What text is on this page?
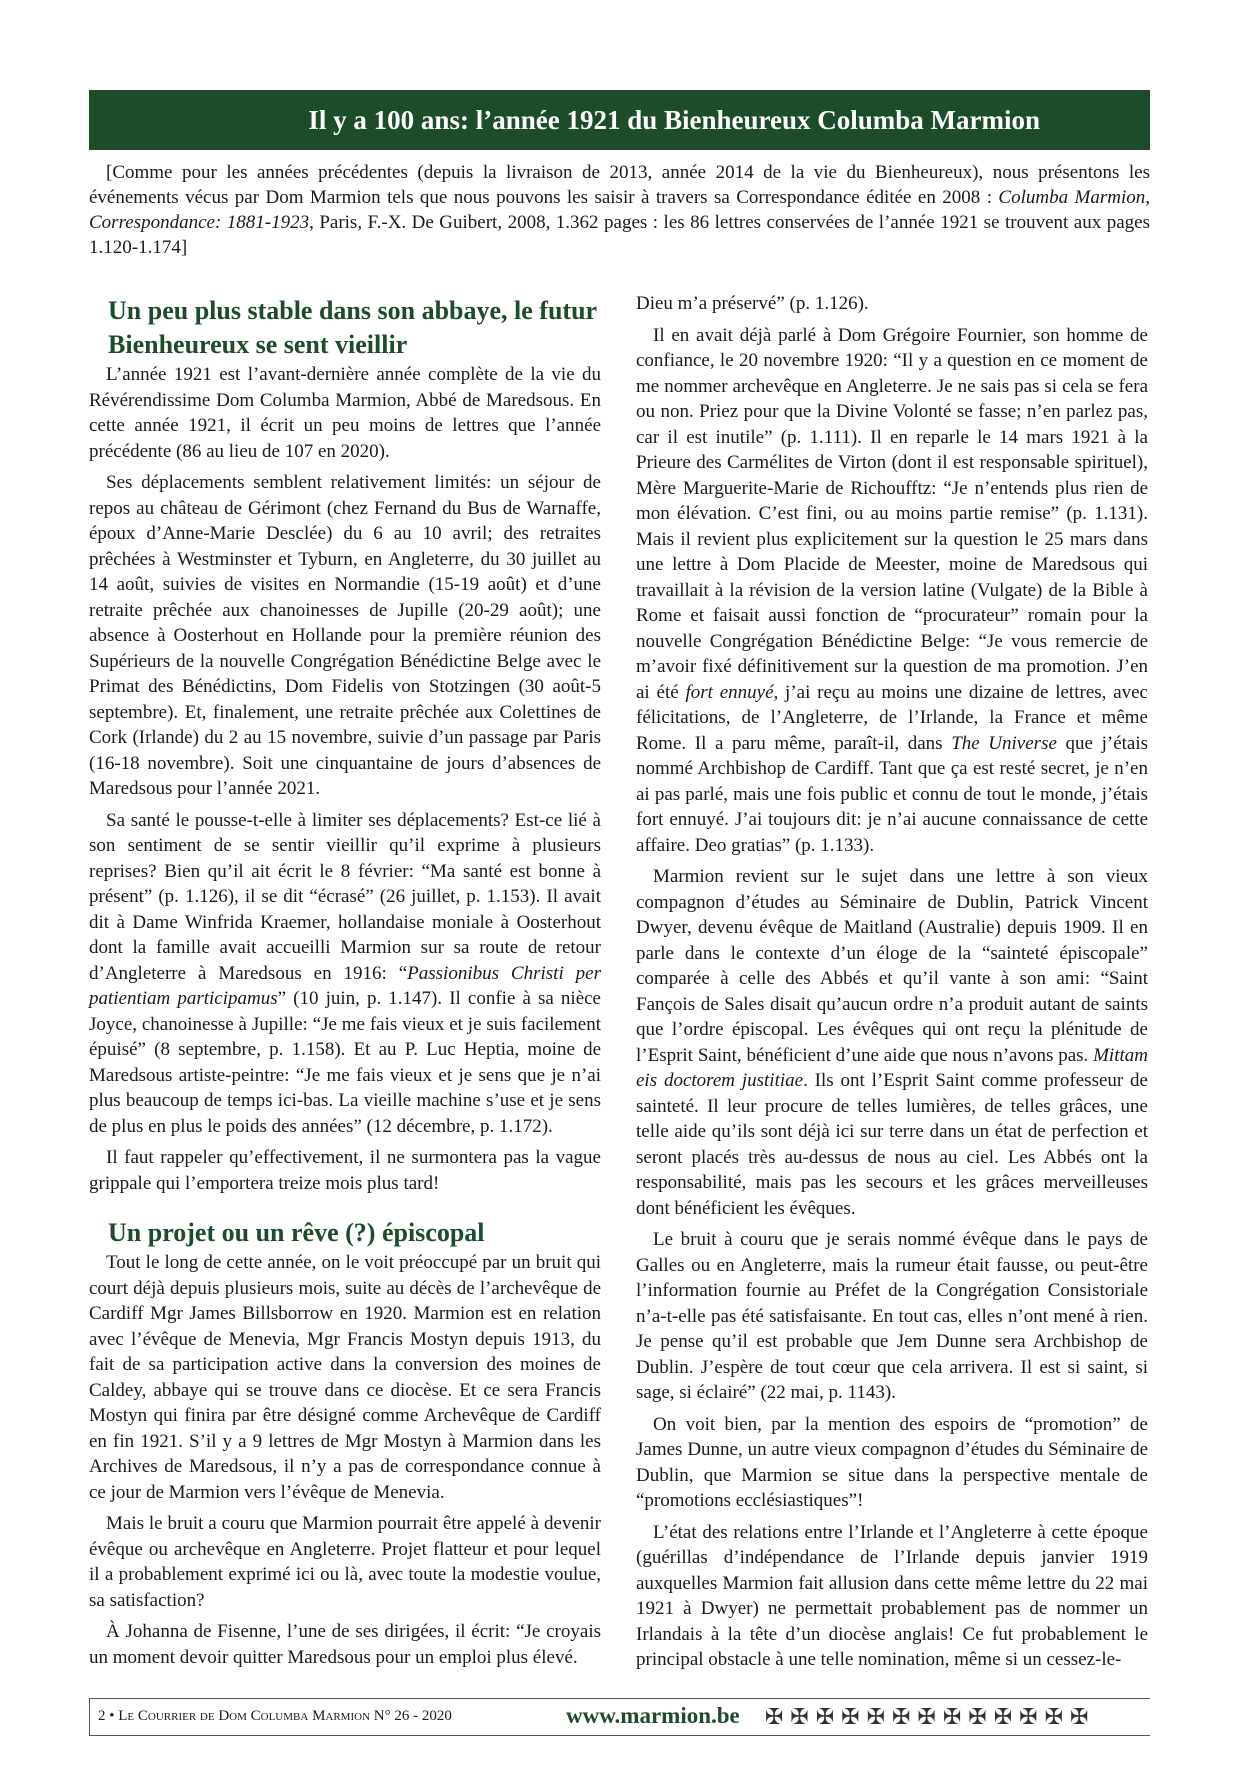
Il y a 100 ans: l’année 1921 du Bienheureux Columba Marmion

[Comme pour les années précédentes (depuis la livraison de 2013, année 2014 de la vie du Bienheureux), nous présentons les événements vécus par Dom Marmion tels que nous pouvons les saisir à travers sa Correspondance éditée en 2008 : Columba Marmion, Correspondance: 1881-1923, Paris, F.-X. De Guibert, 2008, 1.362 pages : les 86 lettres conservées de l’année 1921 se trouvent aux pages 1.120-1.174]

Un peu plus stable dans son abbaye, le futur Bienheureux se sent vieillir

L’année 1921 est l’avant-dernière année complète de la vie du Révérendissime Dom Columba Marmion, Abbé de Maredsous. En cette année 1921, il écrit un peu moins de lettres que l’année précédente (86 au lieu de 107 en 2020).

Ses déplacements semblent relativement limités: un séjour de repos au château de Gérimont (chez Fernand du Bus de Warnaffe, époux d’Anne-Marie Desclée) du 6 au 10 avril; des retraites prêchées à Westminster et Tyburn, en Angleterre, du 30 juillet au 14 août, suivies de visites en Normandie (15-19 août) et d’une retraite prêchée aux chanoinesses de Jupille (20-29 août); une absence à Oosterhout en Hollande pour la première réunion des Supérieurs de la nouvelle Congrégation Bénédictine Belge avec le Primat des Bénédictins, Dom Fidelis von Stotzingen (30 août-5 septembre). Et, finalement, une retraite prêchée aux Colettines de Cork (Irlande) du 2 au 15 novembre, suivie d’un passage par Paris (16-18 novembre). Soit une cinquantaine de jours d’absences de Maredsous pour l’année 2021.

Sa santé le pousse-t-elle à limiter ses déplacements? Est-ce lié à son sentiment de se sentir vieillir qu’il exprime à plusieurs reprises? Bien qu’il ait écrit le 8 février: “Ma santé est bonne à présent” (p. 1.126), il se dit “écrasé” (26 juillet, p. 1.153). Il avait dit à Dame Winfrida Kraemer, hollandaise moniale à Oosterhout dont la famille avait accueilli Marmion sur sa route de retour d’Angleterre à Maredsous en 1916: “Passionibus Christi per patientiam participamus” (10 juin, p. 1.147). Il confie à sa nièce Joyce, chanoinesse à Jupille: “Je me fais vieux et je suis facilement épuisé” (8 septembre, p. 1.158). Et au P. Luc Heptia, moine de Maredsous artiste-peintre: “Je me fais vieux et je sens que je n’ai plus beaucoup de temps ici-bas. La vieille machine s’use et je sens de plus en plus le poids des années” (12 décembre, p. 1.172).

Il faut rappeler qu’effectivement, il ne surmontera pas la vague grippale qui l’emportera treize mois plus tard!

Un projet ou un rêve (?) épiscopal

Tout le long de cette année, on le voit préoccupé par un bruit qui court déjà depuis plusieurs mois, suite au décès de l’archevêque de Cardiff Mgr James Billsborrow en 1920. Marmion est en relation avec l’évêque de Menevia, Mgr Francis Mostyn depuis 1913, du fait de sa participation active dans la conversion des moines de Caldey, abbaye qui se trouve dans ce diocèse. Et ce sera Francis Mostyn qui finira par être désigné comme Archevêque de Cardiff en fin 1921. S’il y a 9 lettres de Mgr Mostyn à Marmion dans les Archives de Maredsous, il n’y a pas de correspondance connue à ce jour de Marmion vers l’évêque de Menevia.

Mais le bruit a couru que Marmion pourrait être appelé à devenir évêque ou archevêque en Angleterre. Projet flatteur et pour lequel il a probablement exprimé ici ou là, avec toute la modestie voulue, sa satisfaction?

À Johanna de Fisenne, l’une de ses dirigées, il écrit: “Je croyais un moment devoir quitter Maredsous pour un emploi plus élevé.

Dieu m’a préservé” (p. 1.126).

Il en avait déjà parlé à Dom Grégoire Fournier, son homme de confiance, le 20 novembre 1920: “Il y a question en ce moment de me nommer archevêque en Angleterre. Je ne sais pas si cela se fera ou non. Priez pour que la Divine Volonté se fasse; n’en parlez pas, car il est inutile” (p. 1.111). Il en reparle le 14 mars 1921 à la Prieure des Carmélites de Virton (dont il est responsable spirituel), Mère Marguerite-Marie de Richoufftz: “Je n’entends plus rien de mon élévation. C’est fini, ou au moins partie remise” (p. 1.131). Mais il revient plus explicitement sur la question le 25 mars dans une lettre à Dom Placide de Meester, moine de Maredsous qui travaillait à la révision de la version latine (Vulgate) de la Bible à Rome et faisait aussi fonction de “procurateur” romain pour la nouvelle Congrégation Bénédictine Belge: “Je vous remercie de m’avoir fixé définitivement sur la question de ma promotion. J’en ai été fort ennuyé, j’ai reçu au moins une dizaine de lettres, avec félicitations, de l’Angleterre, de l’Irlande, la France et même Rome. Il a paru même, paraît-il, dans The Universe que j’étais nommé Archbishop de Cardiff. Tant que ça est resté secret, je n’en ai pas parlé, mais une fois public et connu de tout le monde, j’étais fort ennuyé. J’ai toujours dit: je n’ai aucune connaissance de cette affaire. Deo gratias” (p. 1.133).

Marmion revient sur le sujet dans une lettre à son vieux compagnon d’études au Séminaire de Dublin, Patrick Vincent Dwyer, devenu évêque de Maitland (Australie) depuis 1909. Il en parle dans le contexte d’un éloge de la “sainteté épiscopale” comparée à celle des Abbés et qu’il vante à son ami: “Saint Fançois de Sales disait qu’aucun ordre n’a produit autant de saints que l’ordre épiscopal. Les évêques qui ont reçu la plénitude de l’Esprit Saint, bénéficient d’une aide que nous n’avons pas. Mittam eis doctorem justitiae. Ils ont l’Esprit Saint comme professeur de sainteté. Il leur procure de telles lumières, de telles grâces, une telle aide qu’ils sont déjà ici sur terre dans un état de perfection et seront placés très au-dessus de nous au ciel. Les Abbés ont la responsabilité, mais pas les secours et les grâces merveilleuses dont bénéficient les évêques.

Le bruit à couru que je serais nommé évêque dans le pays de Galles ou en Angleterre, mais la rumeur était fausse, ou peut-être l’information fournie au Préfet de la Congrégation Consistoriale n’a-t-elle pas été satisfaisante. En tout cas, elles n’ont mené à rien. Je pense qu’il est probable que Jem Dunne sera Archbishop de Dublin. J’espère de tout cœur que cela arrivera. Il est si saint, si sage, si éclairé” (22 mai, p. 1143).

On voit bien, par la mention des espoirs de “promotion” de James Dunne, un autre vieux compagnon d’études du Séminaire de Dublin, que Marmion se situe dans la perspective mentale de “promotions ecclésiastiques”!

L’état des relations entre l’Irlande et l’Angleterre à cette époque (guérillas d’indépendance de l’Irlande depuis janvier 1919 auxquelles Marmion fait allusion dans cette même lettre du 22 mai 1921 à Dwyer) ne permettait probablement pas de nommer un Irlandais à la tête d’un diocèse anglais! Ce fut probablement le principal obstacle à une telle nomination, même si un cessez-le-

2 • Le Courrier de Dom Columba Marmion N° 26 - 2020	www.marmion.be ✠ ✠ ✠ ✠ ✠ ✠ ✠ ✠ ✠ ✠ ✠ ✠ ✠
